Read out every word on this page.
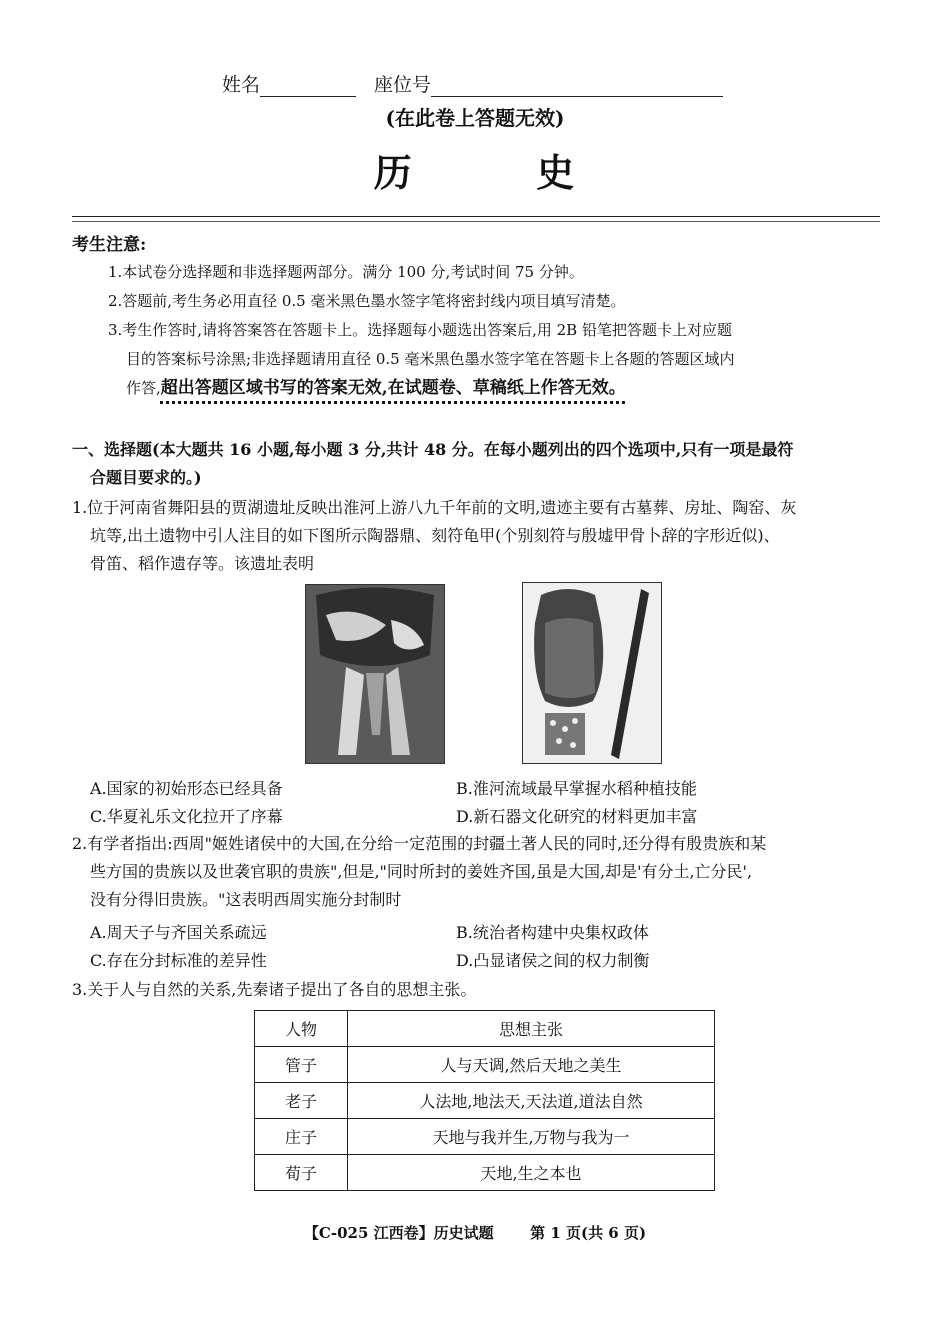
姓名	座位号
(在此卷上答题无效)
历	史
考生注意:

1.本试卷分选择题和非选择题两部分。满分 100 分,考试时间 75 分钟。

2.答题前,考生务必用直径 0.5 毫米黑色墨水签字笔将密封线内项目填写清楚。

3.考生作答时,请将答案答在答题卡上。选择题每小题选出答案后,用 2B 铅笔把答题卡上对应题

目的答案标号涂黑;非选择题请用直径 0.5 毫米黑色墨水签字笔在答题卡上各题的答题区域内

作答,超出答题区域书写的答案无效,在试题卷、草稿纸上作答无效。

一、选择题(本大题共 16 小题,每小题 3 分,共计 48 分。在每小题列出的四个选项中,只有一项是最符

合题目要求的。)

1.位于河南省舞阳县的贾湖遗址反映出淮河上游八九千年前的文明,遗迹主要有古墓葬、房址、陶窑、灰

坑等,出土遗物中引人注目的如下图所示陶器鼎、刻符龟甲(个别刻符与殷墟甲骨卜辞的字形近似)、

骨笛、稻作遗存等。该遗址表明

A.国家的初始形态已经具备	B.淮河流域最早掌握水稻种植技能
C.华夏礼乐文化拉开了序幕	D.新石器文化研究的材料更加丰富

2.有学者指出:西周"姬姓诸侯中的大国,在分给一定范围的封疆土著人民的同时,还分得有殷贵族和某

些方国的贵族以及世袭官职的贵族",但是,"同时所封的姜姓齐国,虽是大国,却是'有分土,亡分民',

没有分得旧贵族。"这表明西周实施分封制时

A.周天子与齐国关系疏远	B.统治者构建中央集权政体
C.存在分封标准的差异性	D.凸显诸侯之间的权力制衡

3.关于人与自然的关系,先秦诸子提出了各自的思想主张。

人物	思想主张
管子	人与天调,然后天地之美生
老子	人法地,地法天,天法道,道法自然
庄子	天地与我并生,万物与我为一
荀子	天地,生之本也
【C-025 江西卷】历史试题 第 1 页(共 6 页)
